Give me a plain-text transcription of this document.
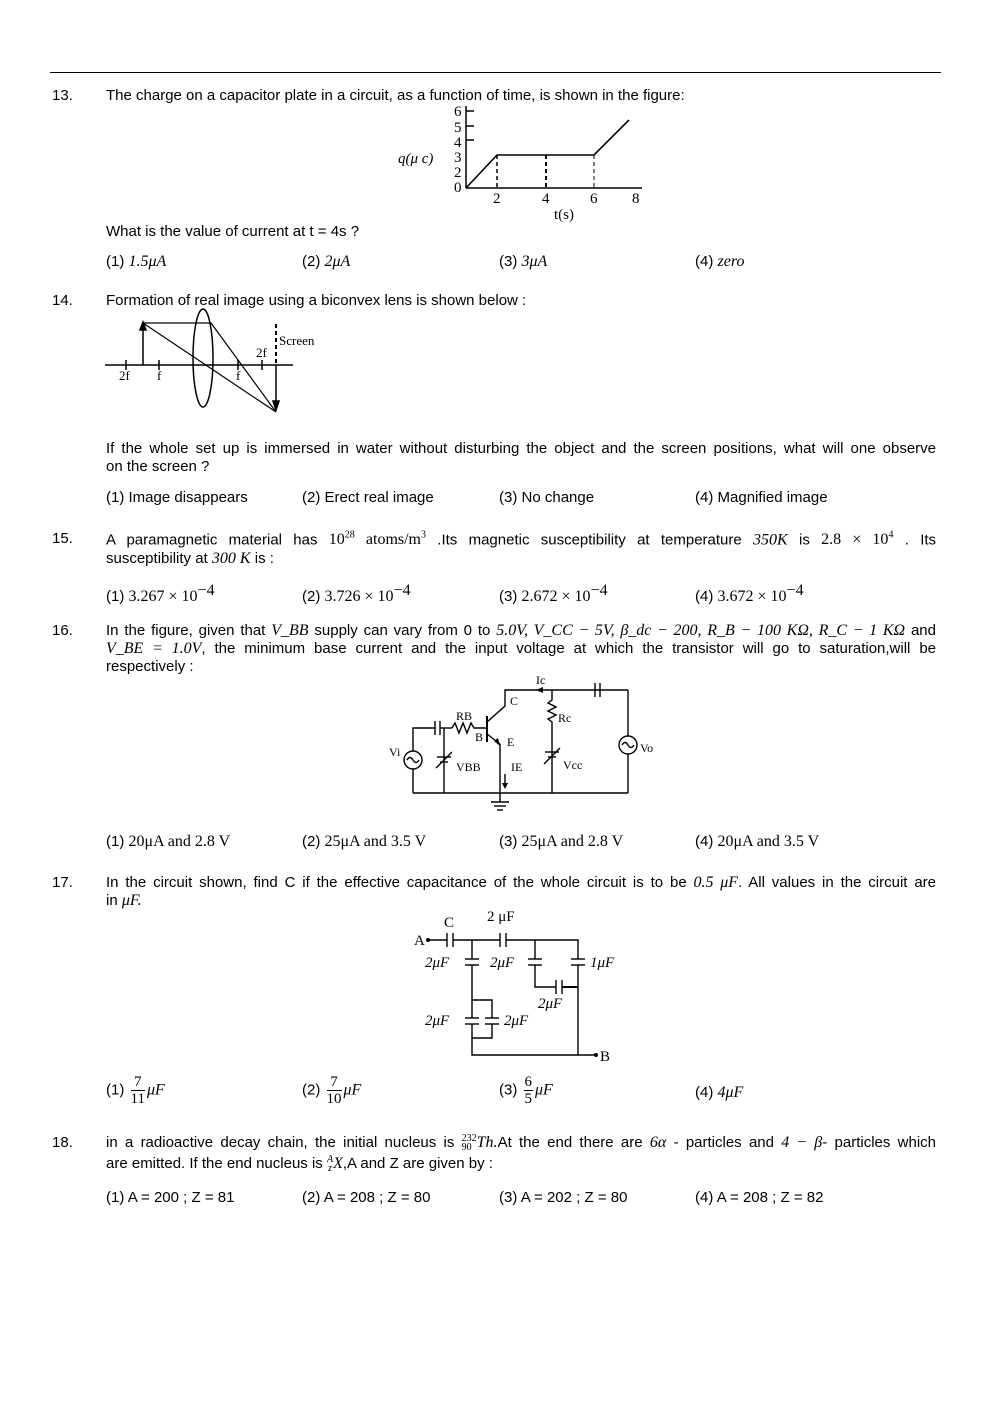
13. The charge on a capacitor plate in a circuit, as a function of time, is shown in the figure:
q(μ c)
0
2
3
4
5
6
2	4	6 8
t(s)
What is the value of current at t = 4s ?
(1) 1.5μA	(2) 2μA	(3) 3μA	(4) zero
14. Formation of real image using a biconvex lens is shown below :
Screen
2f f	f
2f
If the whole set up is immersed in water without disturbing the object and the screen positions, what will one observe
on the screen ?
(1) Image disappears	(2) Erect real image	(3) No change	(4) Magnified image
15. A paramagnetic material has $10^{28}$ atoms/$m^3$ .Its magnetic susceptibility at temperature 350K is $2.8 \times 10^4$ . Its
susceptibility at 300 K is :
(1) $3.267 \times 10^{-4}$	(2) $3.726 \times 10^{-4}$	(3) $2.672 \times 10^{-4}$	(4) $3.672 \times 10^{-4}$
16. In the figure, given that V_BB supply can vary from 0 to 5.0V, V_CC − 5V, β_dc − 200, R_B − 100 KΩ, R_C − 1 KΩ and
V_BE = 1.0V, the minimum base current and the input voltage at which the transistor will go to saturation,will be
respectively :
Ic
C
RB	Rc
B E
VBB	IE	Vcc
Vi	Vo
(1) 20μA and 2.8 V	(2) 25μA and 3.5 V	(3) 25μA and 2.8 V	(4) 20μA and 3.5 V
17. In the circuit shown, find C if the effective capacitance of the whole circuit is to be 0.5 μF. All values in the circuit are
in μF.
A
B
C 2 μF
2μF	2μF	1μF
2μF
2μF	2μF
$(1) \frac{7}{11}$ μF	$(2) \frac{7}{10}$ μF	$(3) \frac{6}{5}$ μF	(4) 4μF
18. in a radioactive decay chain, the initial nucleus is 232
90 Th.At the end there are 6α - particles and 4 − β- particles which
are emitted. If the end nucleus is A
z X,A and Z are given by :
(1) A = 200 ; Z = 81	(2) A = 208 ; Z = 80	(3) A = 202 ; Z = 80	(4) A = 208 ; Z = 82
